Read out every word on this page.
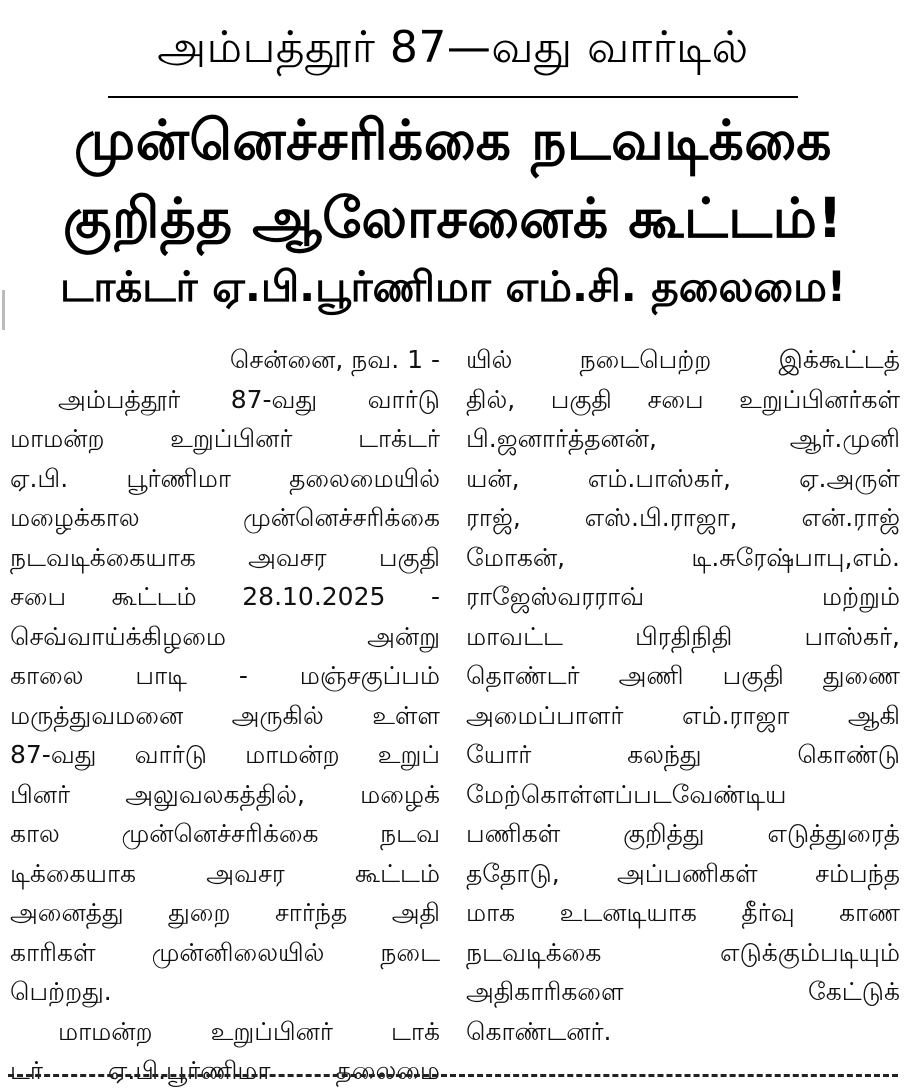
அம்பத்தூர் 87—வது வார்டில்
முன்னெச்சரிக்கை நடவடிக்கை
குறித்த ஆலோசனைக் கூட்டம்!
டாக்டர் ஏ.பி.பூர்ணிமா எம்.சி. தலைமை!
சென்னை, நவ. 1 -
அம்பத்தூர் 87-வது வார்டு
மாமன்ற உறுப்பினர் டாக்டர்
ஏ.பி. பூர்ணிமா தலைமையில்
மழைக்கால முன்னெச்சரிக்கை
நடவடிக்கையாக அவசர பகுதி
சபை கூட்டம் 28.10.2025 -
செவ்வாய்க்கிழமை அன்று
காலை பாடி - மஞ்சகுப்பம்
மருத்துவமனை அருகில் உள்ள
87-வது வார்டு மாமன்ற உறுப்
பினர் அலுவலகத்தில், மழைக்
கால முன்னெச்சரிக்கை நடவ
டிக்கையாக அவசர கூட்டம்
அனைத்து துறை சார்ந்த அதி
காரிகள் முன்னிலையில் நடை
பெற்றது.
மாமன்ற உறுப்பினர் டாக்
டர் ஏ.பி.பூர்ணிமா தலைமை
யில் நடைபெற்ற இக்கூட்டத்
தில், பகுதி சபை உறுப்பினர்கள்
பி.ஜனார்த்தனன், ஆர்.முனி
யன், எம்.பாஸ்கர், ஏ.அருள்
ராஜ், எஸ்.பி.ராஜா, என்.ராஜ்
மோகன், டி.சுரேஷ்பாபு,எம்.
ராஜேஸ்வரராவ் மற்றும்
மாவட்ட பிரதிநிதி பாஸ்கர்,
தொண்டர் அணி பகுதி துணை
அமைப்பாளர் எம்.ராஜா ஆகி
யோர் கலந்து கொண்டு
மேற்கொள்ளப்படவேண்டிய
பணிகள் குறித்து எடுத்துரைத்
ததோடு, அப்பணிகள் சம்பந்த
மாக உடனடியாக தீர்வு காண
நடவடிக்கை எடுக்கும்படியும்
அதிகாரிகளை கேட்டுக்
கொண்டனர்.
